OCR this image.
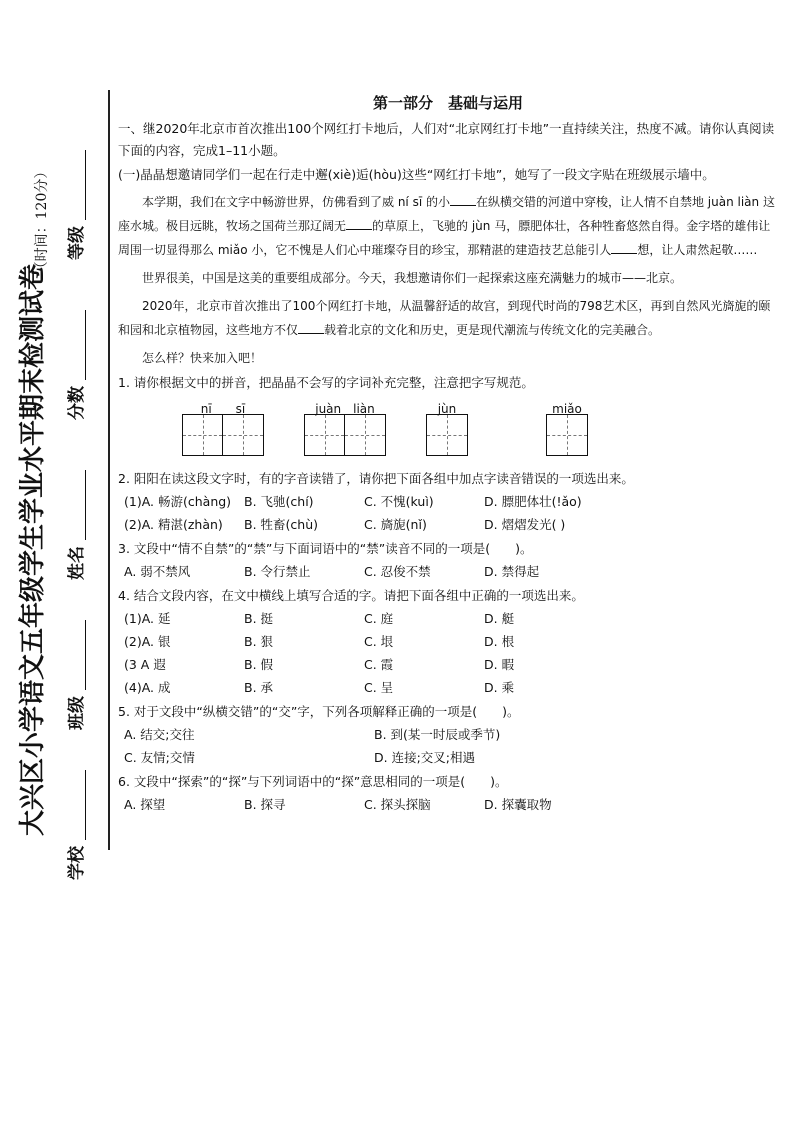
大兴区小学语文五年级学生学业水平期末检测试卷
（时间：120分）
学校
班级
姓名
分数
等级
第一部分　基础与运用

一、继2020年北京市首次推出100个网红打卡地后，人们对“北京网红打卡地”一直持续关注，热度不减。请你认真阅读下面的内容，完成1–11小题。

(一)晶晶想邀请同学们一起在行走中邂(xiè)逅(hòu)这些“网红打卡地”，她写了一段文字贴在班级展示墙中。

本学期，我们在文字中畅游世界，仿佛看到了威 ní sī 的小 在纵横交错的河道中穿梭，让人情不自禁地 juàn liàn 这座水城。极目远眺，牧场之国荷兰那辽阔无 的草原上，飞驰的 jùn 马，膘肥体壮，各种牲畜悠然自得。金字塔的雄伟让周围一切显得那么 miǎo 小，它不愧是人们心中璀璨夺目的珍宝，那精湛的建造技艺总能引人 想，让人肃然起敬……

世界很美，中国是这美的重要组成部分。今天，我想邀请你们一起探索这座充满魅力的城市——北京。

2020年，北京市首次推出了100个网红打卡地，从温馨舒适的故宫，到现代时尚的798艺术区，再到自然风光旖旎的颐和园和北京植物园，这些地方不仅 载着北京的文化和历史，更是现代潮流与传统文化的完美融合。

怎么样？快来加入吧！

1. 请你根据文中的拼音，把晶晶不会写的字词补充完整，注意把字写规范。

nī　　sī	juàn　liàn	jùn	miǎo

2. 阳阳在读这段文字时，有的字音读错了，请你把下面各组中加点字读音错误的一项选出来。

(1)A. 畅游(chàng)	B. 飞驰(chí)	C. 不愧(kuì)	D. 膘肥体壮(!ǎo)
(2)A. 精湛(zhàn)	B. 牲畜(chù)	C. 旖旎(nǐ)	D. 熠熠发光( )

3. 文段中“情不自禁”的“禁”与下面词语中的“禁”读音不同的一项是(　　)。

A. 弱不禁风	B. 令行禁止	C. 忍俊不禁	D. 禁得起

4. 结合文段内容，在文中横线上填写合适的字。请把下面各组中正确的一项选出来。

(1)A. 延	B. 挺	C. 庭	D. 艇
(2)A. 银	B. 狠	C. 垠	D. 根
(3 A 遐	B. 假	C. 霞	D. 暇
(4)A. 成	B. 承	C. 呈	D. 乘

5. 对于文段中“纵横交错”的“交”字，下列各项解释正确的一项是(　　)。

A. 结交;交往	B. 到(某一时辰或季节)
C. 友情;交情	D. 连接;交叉;相遇

6. 文段中“探索”的“探”与下列词语中的“探”意思相同的一项是(　　)。

A. 探望	B. 探寻	C. 探头探脑	D. 探囊取物
